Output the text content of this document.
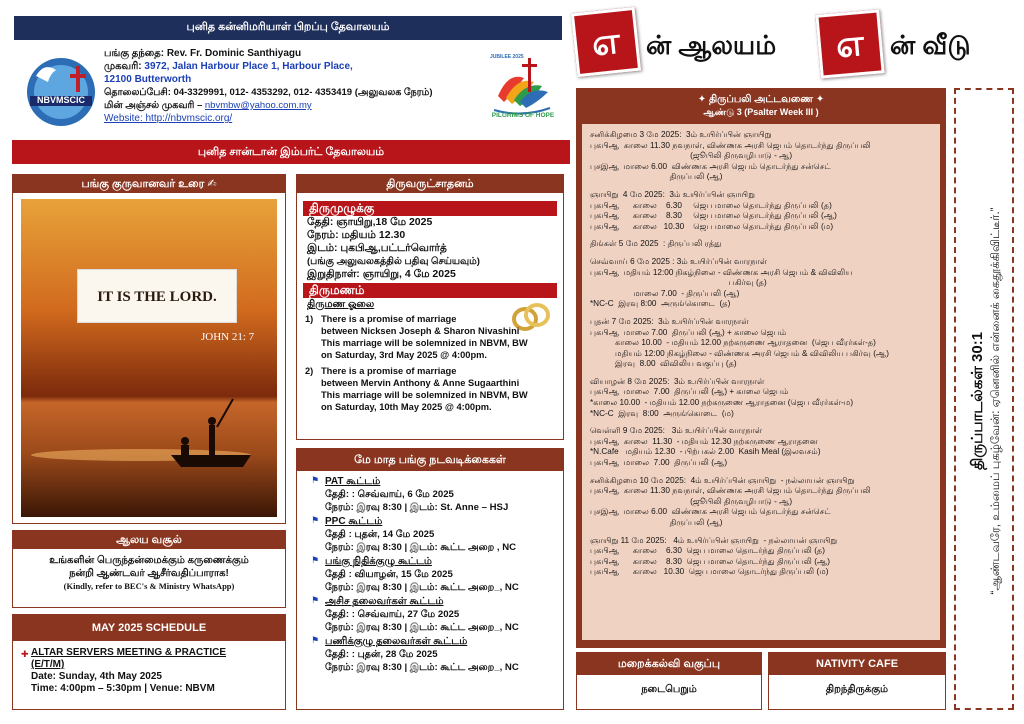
புனித கன்னிமரியாள் பிறப்பு தேவாலயம்
NBVMSCIC
பங்கு தந்தை: Rev. Fr. Dominic Santhiyagu
முகவரி: 3972, Jalan Harbour Place 1, Harbour Place,
12100 Butterworth
தொலைப்பேசி: 04-3329991, 012- 4353292, 012- 4353419 (அலுவலக நேரம்)
மின் அஞ்சல் முகவரி – nbvmbw@yahoo.com.my
Website: http://nbvmscic.org/
JUBILEE 2025
PILGRIMS OF HOPE
புனித சான்டான் இம்பர்ட் தேவாலயம்
பங்கு குருவானவர் உரை ✍
IT IS THE LORD.
JOHN 21: 7
ஆலய வசூல்
உங்களின் பெருந்தன்மைக்கும் கருணைக்கும்
நன்றி ஆண்டவர் ஆசீர்வதிப்பாராக!
(Kindly, refer to BEC's & Ministry WhatsApp)
MAY 2025 SCHEDULE
✚ ALTAR SERVERS MEETING & PRACTICE
(E/T/M)
Date: Sunday, 4th May 2025
Time: 4:00pm – 5:30pm | Venue: NBVM
திருவருட்சாதனம்
திருமுழுக்கு
தேதி: ஞாயிறு,18 மே 2025
நேரம்: மதியம் 12.30
இடம்: புகபிஆ,பட்டர்வொர்த்
(பங்கு அலுவலகத்தில் பதிவு செய்யவும்)
இறுதிநாள்: ஞாயிறு, 4 மே 2025
திருமணம்
திருமண ஓலை
1) There is a promise of marriage
between Nicksen Joseph & Sharon Nivashini
This marriage will be solemnized in NBVM, BW
on Saturday, 3rd May 2025 @ 4:00pm.
2) There is a promise of marriage
between Mervin Anthony & Anne Sugaarthini
This marriage will be solemnized in NBVM, BW
on Saturday, 10th May 2025 @ 4:00pm.
மே மாத பங்கு நடவடிக்கைகள்
⚑ PAT கூட்டம்
தேதி: : செவ்வாய், 6 மே 2025
நேரம்: இரவு 8:30 | இடம்: St. Anne – HSJ
⚑ PPC கூட்டம்
தேதி : புதன், 14 மே 2025
நேரம்: இரவு 8:30 | இடம்: கூட்ட அறை , NC
⚑ பங்கு நிதிக்குழு கூட்டம்
தேதி : வியாழன், 15 மே 2025
நேரம்: இரவு 8:30 | இடம்: கூட்ட அறை_, NC
⚑ அசிச தலைவர்கள் கூட்டம்
தேதி: : செவ்வாய், 27 மே 2025
நேரம்: இரவு 8:30 | இடம்: கூட்ட அறை_, NC
⚑ பணிக்குழு தலைவர்கள் கூட்டம்
தேதி: : புதன், 28 மே 2025
நேரம்: இரவு 8:30 | இடம்: கூட்ட அறை_, NC
எ ன் ஆலயம்	எ ன் வீடு
✦ திருப்பலி அட்டவணை ✦
ஆண்டு 3 (Psalter Week III )
சனிக்கிழமை 3 மே 2025:  3ம் உயிர்ப்பின் ஞாயிறு
புகபிஆ  காலை 11.30 நவநாள், விண்ணக அரசி ஜெபம் தொடர்ந்து திருப்பலி
(ஜூபிலி திருவழிபாடு - ஆ)
புசஇஆ  மாலை 6.00  விண்ணக அரசி ஜெபம் தொடர்ந்து சன்செட்
திருப்பலி (ஆ)
ஞாயிறு  4 மே 2025:  3ம் உயிர்ப்பின் ஞாயிறு
புகபிஆ      காலை    6.30     ஜெப மாலை தொடர்ந்து திருப்பலி (த)
புகபிஆ      காலை    8.30     ஜெப மாலை தொடர்ந்து திருப்பலி (ஆ)
புகபிஆ      காலை   10.30    ஜெப மாலை தொடர்ந்து திருப்பலி (ம)
திங்கள் 5 மே 2025  : திருப்பலி ரத்து
செவ்வாய் 6 மே 2025 : 3ம் உயிர்ப்பின் வாரநாள்
புகபிஆ  மதியம் 12:00 நிகழ்நிலை - விண்ணக அரசி ஜெபம் & விவிலிய
பகிர்வு (த)
மாலை 7.00  - திருப்பலி (ஆ)
*NC-C  இரவு 8:00  அருங்கொடை  (த)
புதன் 7 மே 2025:  3ம் உயிர்ப்பின் வாரநாள்
புகபிஆ  மாலை 7.00  திருப்பலி (ஆ) + காலை ஜெபம்
காலை 10.00  - மதியம் 12.00 நற்கருணை ஆராதனை  (ஜெப வீரர்கள்-த)
மதியம் 12:00 நிகழ்நிலை - விண்ணக அரசி ஜெபம் & விவிலிய பகிர்வு (ஆ)
இரவு  8.00  விவிலிய வகுப்பு (த)
வியாழன் 8 மே 2025:  3ம் உயிர்ப்பின் வாரநாள்
புகபிஆ  மாலை  7.00  திருப்பலி (ஆ) + காலை ஜெபம்
*காலை 10.00  - மதியம் 12.00 நற்கருணை ஆராதனை (ஜெப வீரர்கள்-ம)
*NC-C  இரவு  8:00  அருங்கொடை  (ம)
வெள்ளி 9 மே 2025:   3ம் உயிர்ப்பின் வாரநாள்
புகபிஆ  காலை  11.30  - மதியம் 12.30 நற்கருணை ஆராதனை
*N.Cafe   மதியம் 12.30  - பிற்பகல் 2.00  Kasih Meal (இலவசம்)
புகபிஆ  மாலை  7.00  திருப்பலி (ஆ)
சனிக்கிழமை 10 மே 2025:  4ம் உயிர்ப்பின் ஞாயிறு  - நல்லாயன் ஞாயிறு
புகபிஆ  காலை 11.30 நவநாள், விண்ணக அரசி ஜெபம் தொடர்ந்து திருப்பலி
(ஜூபிலி திருவழிபாடு - ஆ)
புசஇஆ  மாலை 6.00  விண்ணக அரசி ஜெபம் தொடர்ந்து சன்செட்
திருப்பலி (ஆ)
ஞாயிறு 11 மே 2025:   4ம் உயிர்ப்பின் ஞாயிறு  - நல்லாயன் ஞாயிறு
புகபிஆ      காலை    6.30  ஜெப மாலை தொடர்ந்து திருப்பலி (த)
புகபிஆ      காலை    8.30  ஜெப மாலை தொடர்ந்து திருப்பலி (ஆ)
புகபிஆ      காலை   10.30  ஜெப மாலை தொடர்ந்து திருப்பலி (ம)
மறைக்கல்வி வகுப்பு
நடைபெறும்
NATIVITY CAFE
திறந்திருக்கும்
திருப்பாடல்கள் 30:1 “ஆண்டவரே, உம்மைப் புகழ்வேன்: ஏனெனில் என்னைக் கைதூக்கிவிட்டீர்.”
